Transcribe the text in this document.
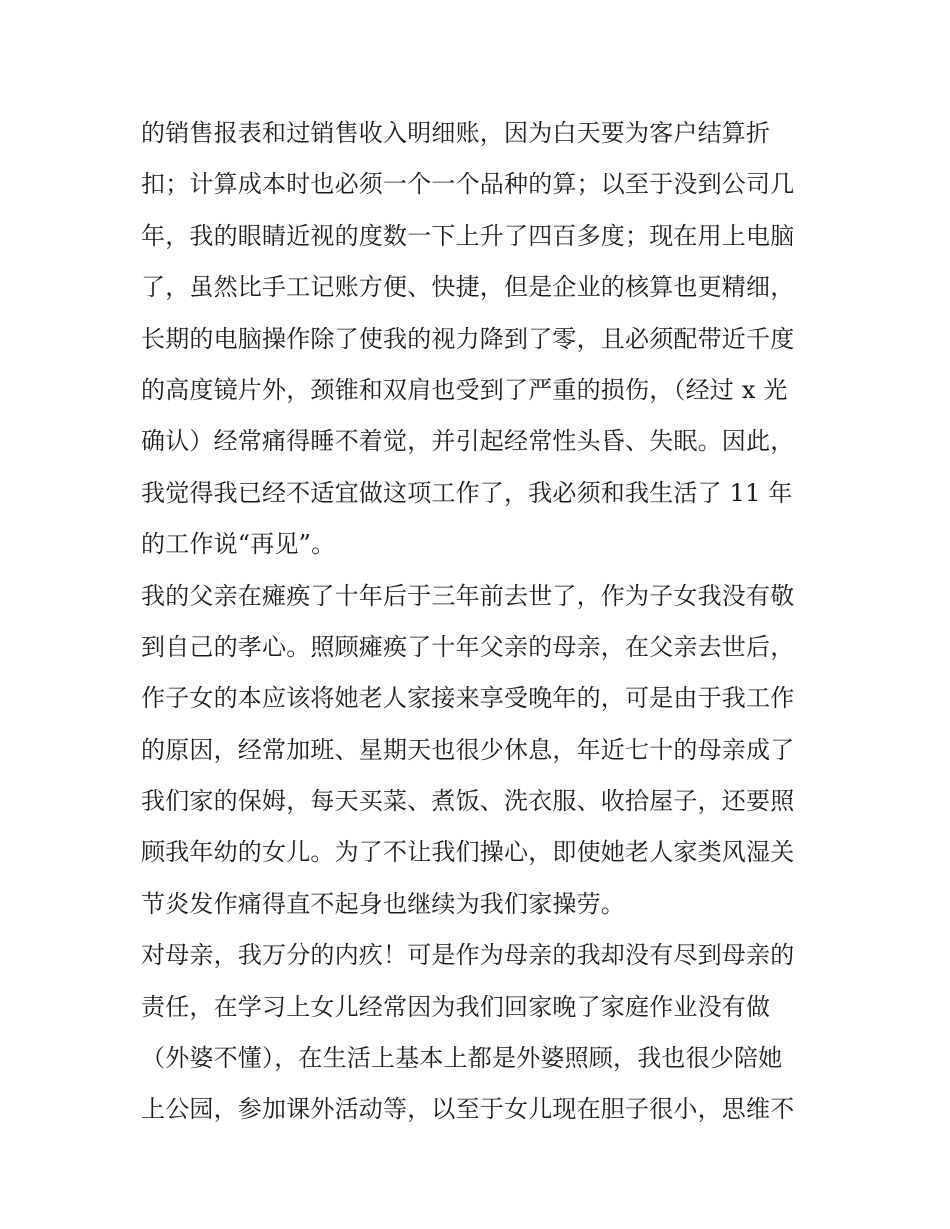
的销售报表和过销售收入明细账，因为白天要为客户结算折
扣；计算成本时也必须一个一个品种的算；以至于没到公司几
年，我的眼睛近视的度数一下上升了四百多度；现在用上电脑
了，虽然比手工记账方便、快捷，但是企业的核算也更精细，
长期的电脑操作除了使我的视力降到了零，且必须配带近千度
的高度镜片外，颈锥和双肩也受到了严重的损伤，（经过 x 光
确认）经常痛得睡不着觉，并引起经常性头昏、失眠。因此，
我觉得我已经不适宜做这项工作了，我必须和我生活了 11 年
的工作说“再见”。
我的父亲在瘫痪了十年后于三年前去世了，作为子女我没有敬
到自己的孝心。照顾瘫痪了十年父亲的母亲，在父亲去世后，
作子女的本应该将她老人家接来享受晚年的，可是由于我工作
的原因，经常加班、星期天也很少休息，年近七十的母亲成了
我们家的保姆，每天买菜、煮饭、洗衣服、收拾屋子，还要照
顾我年幼的女儿。为了不让我们操心，即使她老人家类风湿关
节炎发作痛得直不起身也继续为我们家操劳。
对母亲，我万分的内疚！可是作为母亲的我却没有尽到母亲的
责任，在学习上女儿经常因为我们回家晚了家庭作业没有做
（外婆不懂），在生活上基本上都是外婆照顾，我也很少陪她
上公园，参加课外活动等，以至于女儿现在胆子很小，思维不
